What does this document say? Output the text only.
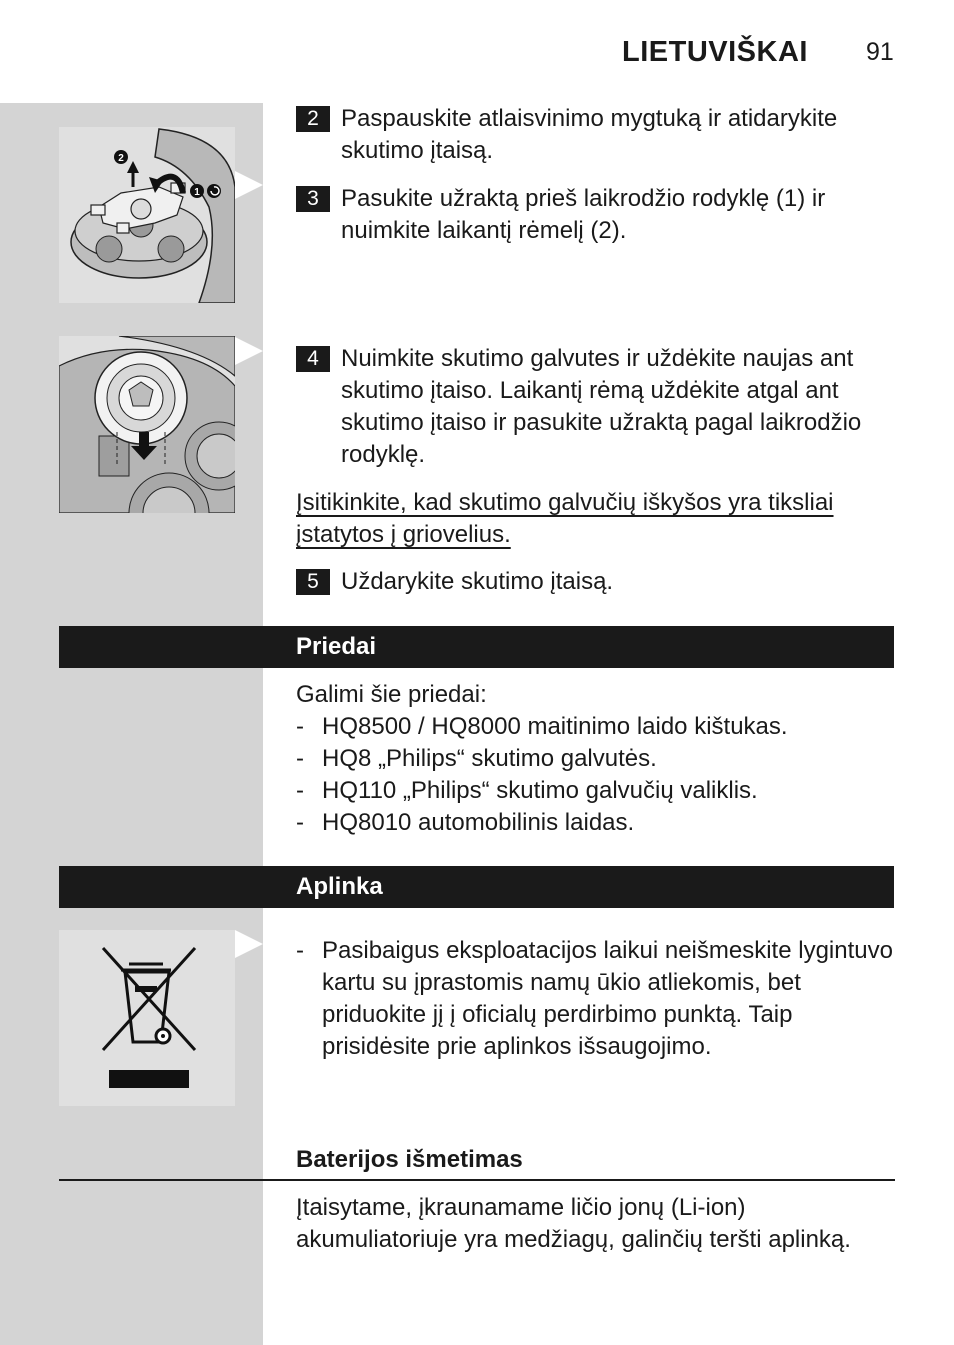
LIETUVIŠKAI 91
2
1
2 Paspauskite atlaisvinimo mygtuką ir atidarykite skutimo įtaisą.
3 Pasukite užraktą prieš laikrodžio rodyklę (1) ir nuimkite laikantį rėmelį (2).
4 Nuimkite skutimo galvutes ir uždėkite naujas ant skutimo įtaiso. Laikantį rėmą uždėkite atgal ant skutimo įtaiso ir pasukite užraktą pagal laikrodžio rodyklę.
Įsitikinkite, kad skutimo galvučių iškyšos yra tiksliai įstatytos į griovelius.
5 Uždarykite skutimo įtaisą.
Priedai
Galimi šie priedai:
- HQ8500 / HQ8000 maitinimo laido kištukas.
- HQ8 „Philips“ skutimo galvutės.
- HQ110 „Philips“ skutimo galvučių valiklis.
- HQ8010 automobilinis laidas.
Aplinka
- Pasibaigus eksploatacijos laikui neišmeskite lygintuvo kartu su įprastomis namų ūkio atliekomis, bet priduokite jį į oficialų perdirbimo punktą. Taip prisidėsite prie aplinkos išsaugojimo.
Baterijos išmetimas
Įtaisytame, įkraunamame ličio jonų (Li-ion) akumuliatoriuje yra medžiagų, galinčių teršti aplinką.
